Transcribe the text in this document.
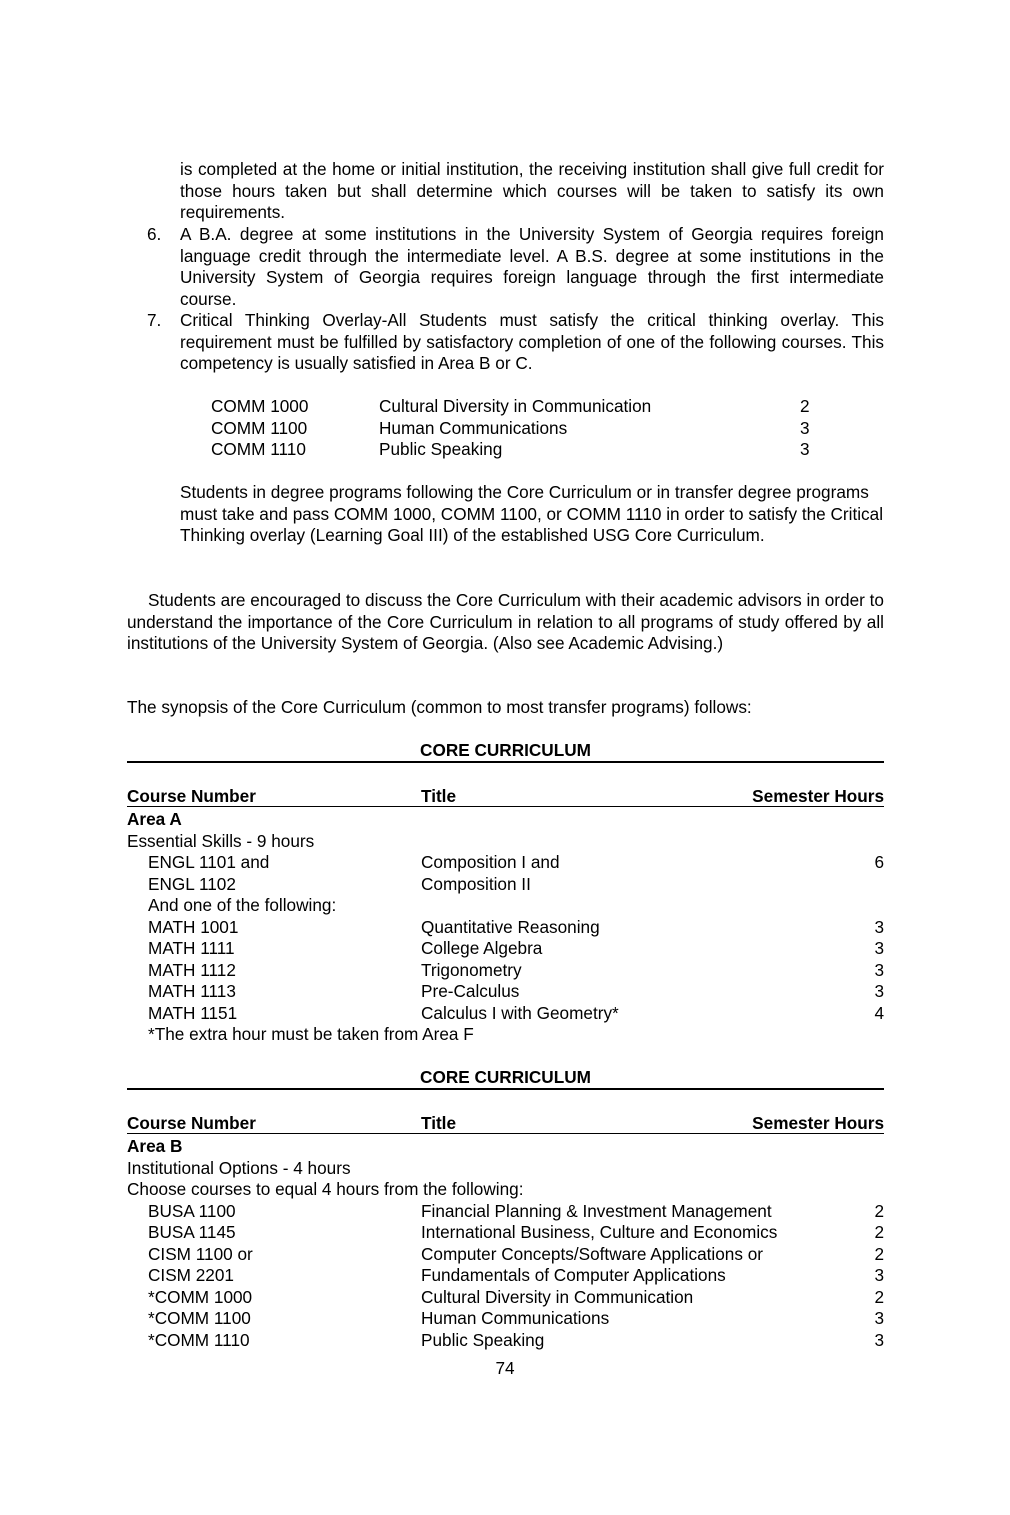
is completed at the home or initial institution, the receiving institution shall give full credit for those hours taken but shall determine which courses will be taken to satisfy its own requirements.
6. A B.A. degree at some institutions in the University System of Georgia requires foreign language credit through the intermediate level. A B.S. degree at some institutions in the University System of Georgia requires foreign language through the first intermediate course.
7. Critical Thinking Overlay-All Students must satisfy the critical thinking overlay. This requirement must be fulfilled by satisfactory completion of one of the following courses. This competency is usually satisfied in Area B or C.
COMM 1000	Cultural Diversity in Communication	2
COMM 1100	Human Communications	3
COMM 1110	Public Speaking	3
Students in degree programs following the Core Curriculum or in transfer degree programs must take and pass COMM 1000, COMM 1100, or COMM 1110 in order to satisfy the Critical Thinking overlay (Learning Goal III) of the established USG Core Curriculum.
Students are encouraged to discuss the Core Curriculum with their academic advisors in order to understand the importance of the Core Curriculum in relation to all programs of study offered by all institutions of the University System of Georgia. (Also see Academic Advising.)
The synopsis of the Core Curriculum (common to most transfer programs) follows:
CORE CURRICULUM
Course Number	Title	Semester Hours
Area A
Essential Skills - 9 hours
ENGL 1101 and	Composition I and	6
ENGL 1102	Composition II
And one of the following:
MATH 1001	Quantitative Reasoning	3
MATH 1111	College Algebra	3
MATH 1112	Trigonometry	3
MATH 1113	Pre-Calculus	3
MATH 1151	Calculus I with Geometry*	4
*The extra hour must be taken from Area F
CORE CURRICULUM
Course Number	Title	Semester Hours
Area B
Institutional Options - 4 hours
Choose courses to equal 4 hours from the following:
BUSA 1100	Financial Planning & Investment Management	2
BUSA 1145	International Business, Culture and Economics	2
CISM 1100 or	Computer Concepts/Software Applications or	2
CISM 2201	Fundamentals of Computer Applications	3
*COMM 1000	Cultural Diversity in Communication	2
*COMM 1100	Human Communications	3
*COMM 1110	Public Speaking	3
74
